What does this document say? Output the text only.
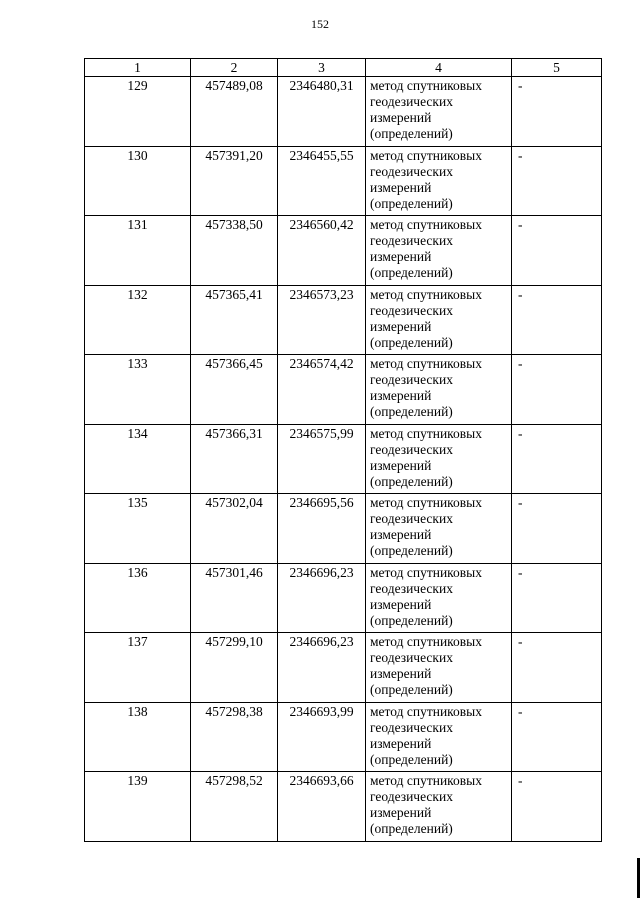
152
1	2	3	4	5
129	457489,08	2346480,31	метод спутниковых
геодезических
измерений
(определений)	-
130	457391,20	2346455,55	метод спутниковых
геодезических
измерений
(определений)	-
131	457338,50	2346560,42	метод спутниковых
геодезических
измерений
(определений)	-
132	457365,41	2346573,23	метод спутниковых
геодезических
измерений
(определений)	-
133	457366,45	2346574,42	метод спутниковых
геодезических
измерений
(определений)	-
134	457366,31	2346575,99	метод спутниковых
геодезических
измерений
(определений)	-
135	457302,04	2346695,56	метод спутниковых
геодезических
измерений
(определений)	-
136	457301,46	2346696,23	метод спутниковых
геодезических
измерений
(определений)	-
137	457299,10	2346696,23	метод спутниковых
геодезических
измерений
(определений)	-
138	457298,38	2346693,99	метод спутниковых
геодезических
измерений
(определений)	-
139	457298,52	2346693,66	метод спутниковых
геодезических
измерений
(определений)	-
